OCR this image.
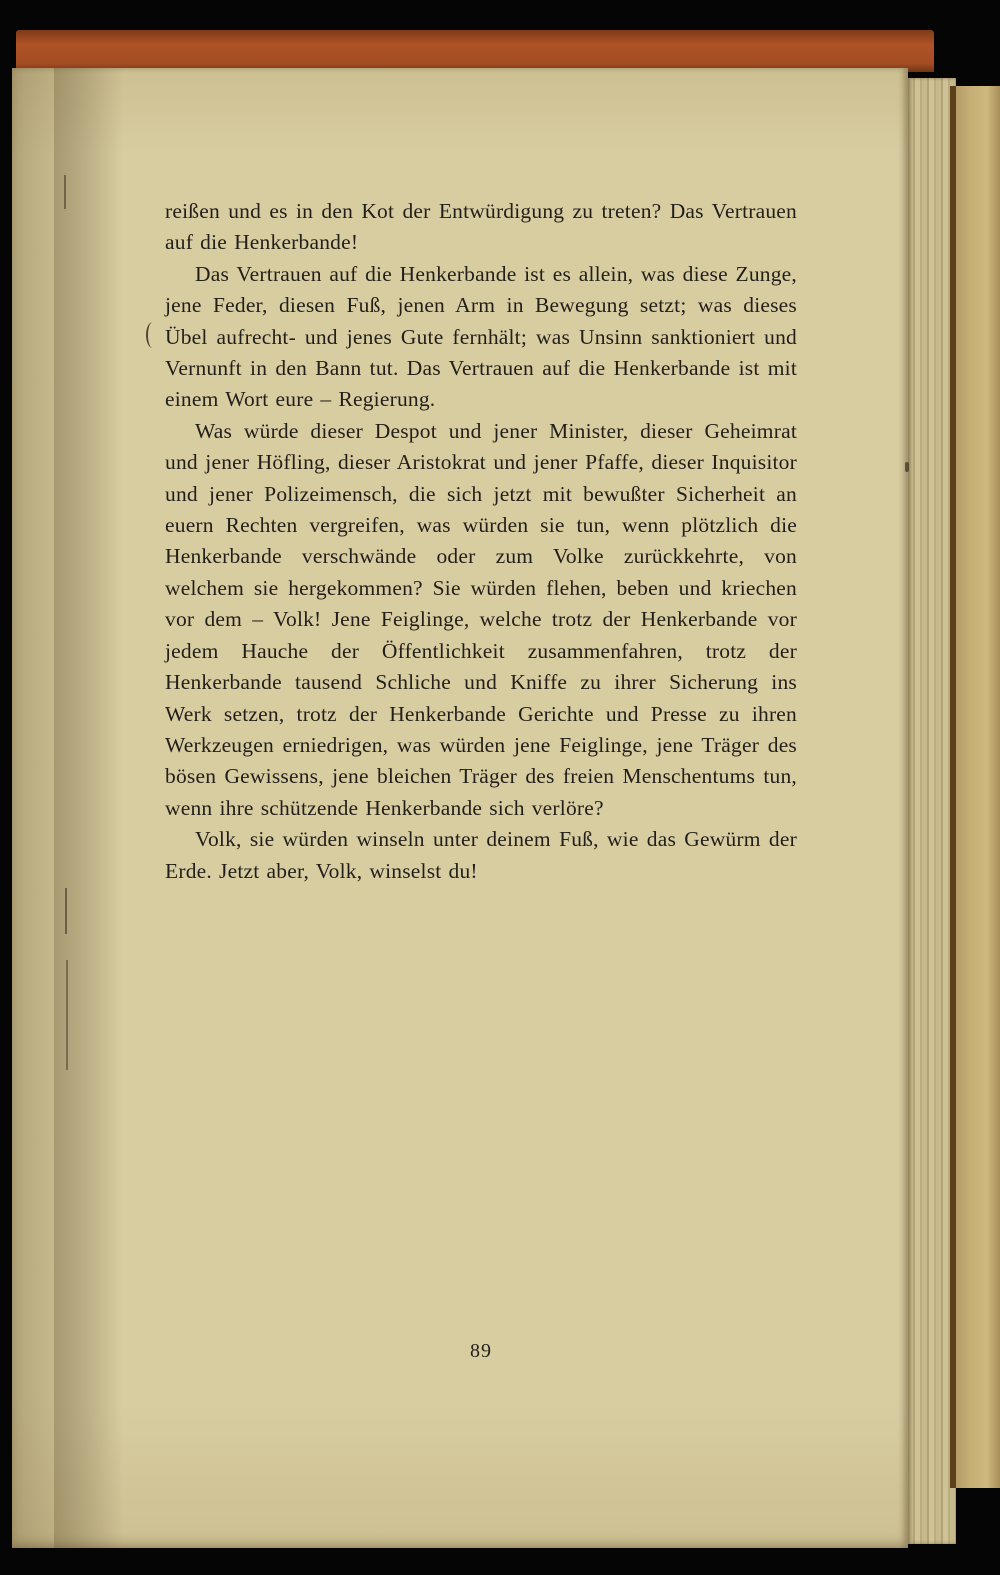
reißen und es in den Kot der Entwürdigung zu treten? Das Vertrauen auf die Henkerbande!

Das Vertrauen auf die Henkerbande ist es allein, was diese Zunge, jene Feder, diesen Fuß, jenen Arm in Bewegung setzt; was dieses Übel aufrecht- und jenes Gute fernhält; was Unsinn sanktioniert und Vernunft in den Bann tut. Das Vertrauen auf die Henkerbande ist mit einem Wort eure – Regierung.

Was würde dieser Despot und jener Minister, dieser Geheimrat und jener Höfling, dieser Aristokrat und jener Pfaffe, dieser Inquisitor und jener Polizeimensch, die sich jetzt mit bewußter Sicherheit an euern Rechten vergreifen, was würden sie tun, wenn plötzlich die Henkerbande verschwände oder zum Volke zurückkehrte, von welchem sie hergekommen? Sie würden flehen, beben und kriechen vor dem – Volk! Jene Feiglinge, welche trotz der Henkerbande vor jedem Hauche der Öffentlichkeit zusammenfahren, trotz der Henkerbande tausend Schliche und Kniffe zu ihrer Sicherung ins Werk setzen, trotz der Henkerbande Gerichte und Presse zu ihren Werkzeugen erniedrigen, was würden jene Feiglinge, jene Träger des bösen Gewissens, jene bleichen Träger des freien Menschentums tun, wenn ihre schützende Henkerbande sich verlöre?

Volk, sie würden winseln unter deinem Fuß, wie das Gewürm der Erde. Jetzt aber, Volk, winselst du!

89
